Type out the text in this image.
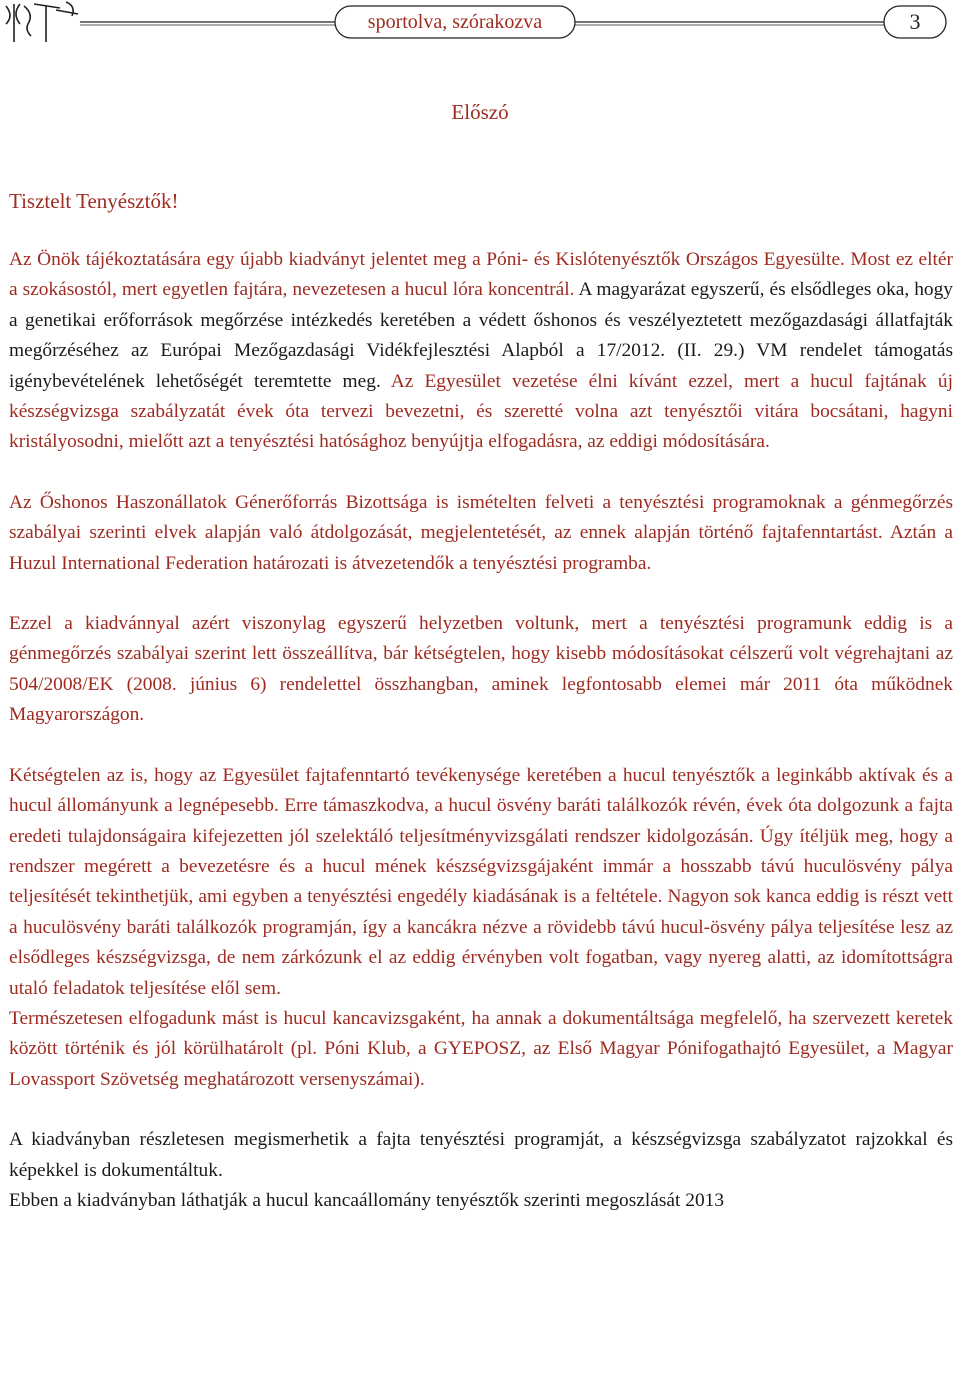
sportolva, szórakozva	3
Előszó
Tisztelt Tenyésztők!

Az Önök tájékoztatására egy újabb kiadványt jelentet meg a Póni- és Kislótenyésztők Országos Egyesülte. Most ez eltér a szokásostól, mert egyetlen fajtára, nevezetesen a hucul lóra koncentrál. A magyarázat egyszerű, és elsődleges oka, hogy a genetikai erőforrások megőrzése intézkedés keretében a védett őshonos és veszélyeztetett mezőgazdasági állatfajták megőrzéséhez az Európai Mezőgazdasági Vidékfejlesztési Alapból a 17/2012. (II. 29.) VM rendelet támogatás igénybevételének lehetőségét teremtette meg. Az Egyesület vezetése élni kívánt ezzel, mert a hucul fajtának új készségvizsga szabályzatát évek óta tervezi bevezetni, és szeretté volna azt tenyésztői vitára bocsátani, hagyni kristályosodni, mielőtt azt a tenyésztési hatósághoz benyújtja elfogadásra, az eddigi módosítására.

Az Őshonos Haszonállatok Génerőforrás Bizottsága is ismételten felveti a tenyésztési programoknak a génmegőrzés szabályai szerinti elvek alapján való átdolgozását, megjelentetését, az ennek alapján történő fajtafenntartást. Aztán a Huzul International Federation határozati is átvezetendők a tenyésztési programba.

Ezzel a kiadvánnyal azért viszonylag egyszerű helyzetben voltunk, mert a tenyésztési programunk eddig is a génmegőrzés szabályai szerint lett összeállítva, bár kétségtelen, hogy kisebb módosításokat célszerű volt végrehajtani az 504/2008/EK (2008. június 6) rendelettel összhangban, aminek legfontosabb elemei már 2011 óta működnek Magyarországon.

Kétségtelen az is, hogy az Egyesület fajtafenntartó tevékenysége keretében a hucul tenyésztők a leginkább aktívak és a hucul állományunk a legnépesebb. Erre támaszkodva, a hucul ösvény baráti találkozók révén, évek óta dolgozunk a fajta eredeti tulajdonságaira kifejezetten jól szelektáló teljesítményvizsgálati rendszer kidolgozásán. Úgy ítéljük meg, hogy a rendszer megérett a bevezetésre és a hucul mének készségvizsgájaként immár a hosszabb távú huculösvény pálya teljesítését tekinthetjük, ami egyben a tenyésztési engedély kiadásának is a feltétele. Nagyon sok kanca eddig is részt vett a huculösvény baráti találkozók programján, így a kancákra nézve a rövidebb távú hucul-ösvény pálya teljesítése lesz az elsődleges készségvizsga, de nem zárkózunk el az eddig érvényben volt fogatban, vagy nyereg alatti, az idomítottságra utaló feladatok teljesítése elől sem.

Természetesen elfogadunk mást is hucul kancavizsgaként, ha annak a dokumentáltsága megfelelő, ha szervezett keretek között történik és jól körülhatárolt (pl. Póni Klub, a GYEPOSZ, az Első Magyar Pónifogathajtó Egyesület, a Magyar Lovassport Szövetség meghatározott versenyszámai).

A kiadványban részletesen megismerhetik a fajta tenyésztési programját, a készségvizsga szabályzatot rajzokkal és képekkel is dokumentáltuk.

Ebben a kiadványban láthatják a hucul kancaállomány tenyésztők szerinti megoszlását 2013
